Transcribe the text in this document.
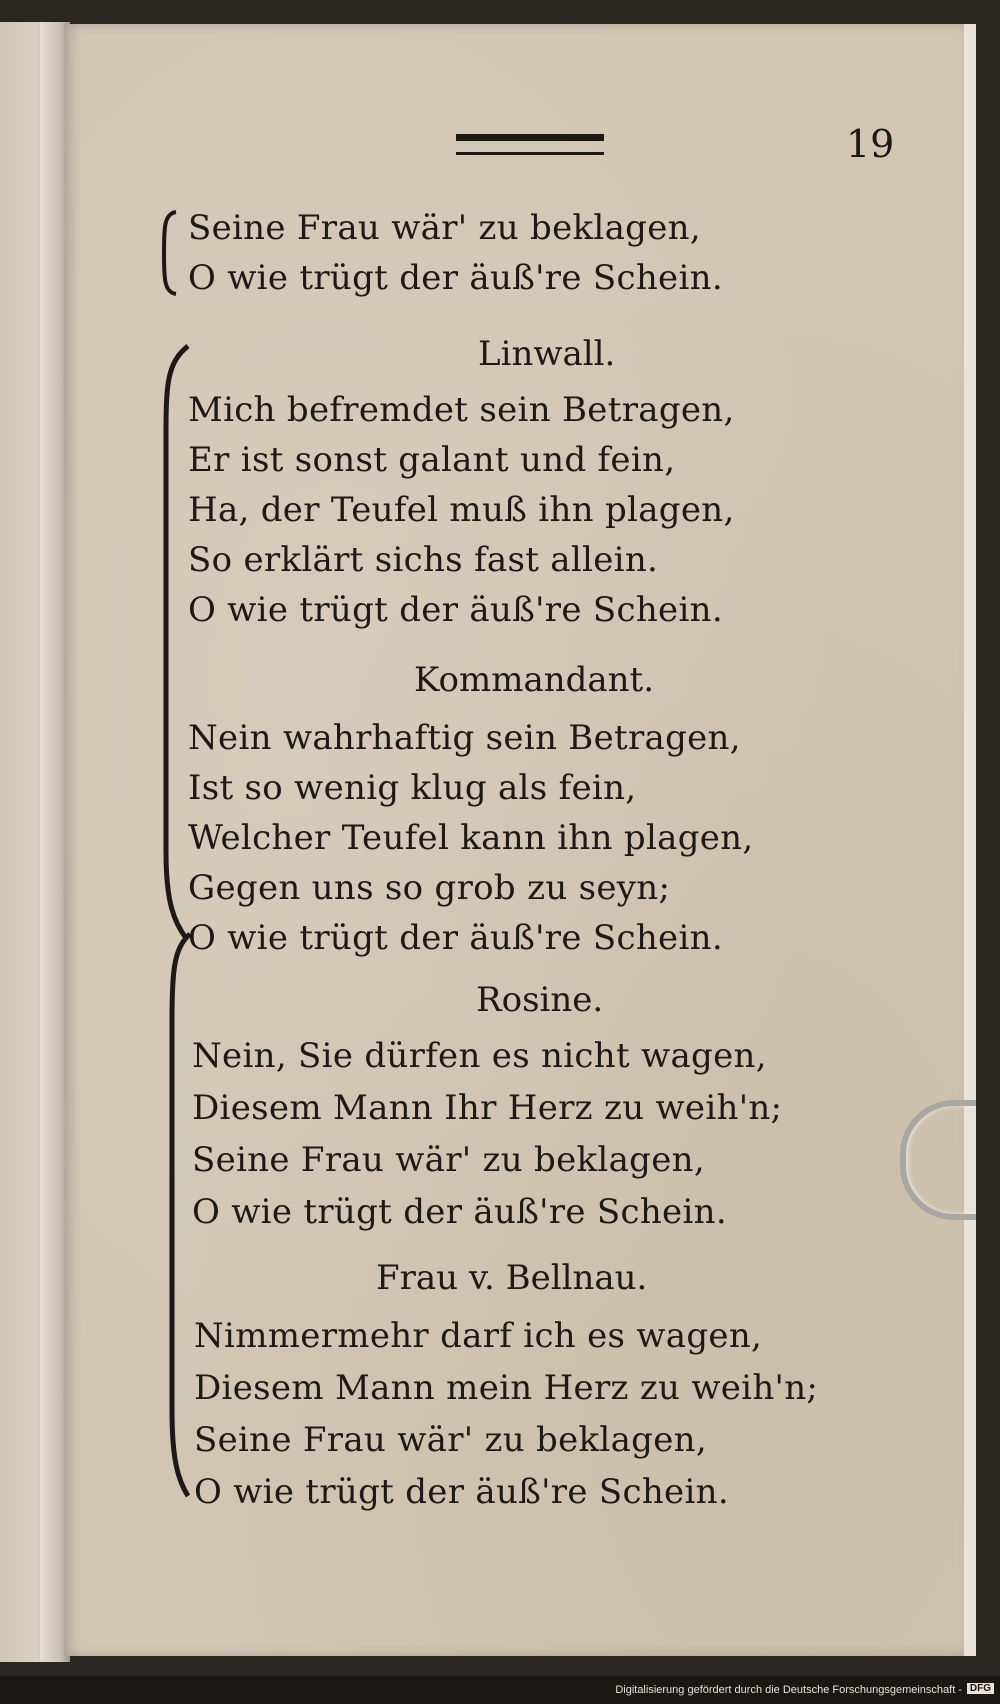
19
Seine Frau wär' zu beklagen,
O wie trügt der äuß're Schein.
Linwall.
Mich befremdet sein Betragen,
Er ist sonst galant und fein,
Ha, der Teufel muß ihn plagen,
So erklärt sichs fast allein.
O wie trügt der äuß're Schein.
Kommandant.
Nein wahrhaftig sein Betragen,
Ist so wenig klug als fein,
Welcher Teufel kann ihn plagen,
Gegen uns so grob zu seyn;
O wie trügt der äuß're Schein.
Rosine.
Nein, Sie dürfen es nicht wagen,
Diesem Mann Ihr Herz zu weih'n;
Seine Frau wär' zu beklagen,
O wie trügt der äuß're Schein.
Frau v. Bellnau.
Nimmermehr darf ich es wagen,
Diesem Mann mein Herz zu weih'n;
Seine Frau wär' zu beklagen,
O wie trügt der äuß're Schein.
Digitalisierung gefördert durch die Deutsche Forschungsgemeinschaft - DFG
